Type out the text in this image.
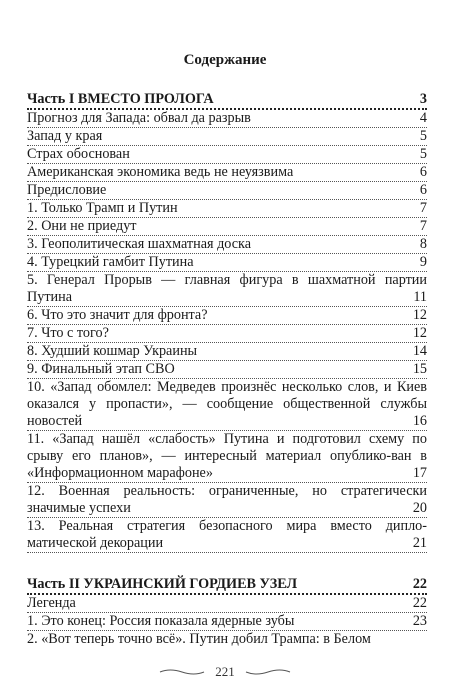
Содержание
Часть I ВМЕСТО ПРОЛОГА	3
Прогноз для Запада: обвал да разрыв	4
Запад у края	5
Страх обоснован	5
Американская экономика ведь не неуязвима	6
Предисловие	6
1. Только Трамп и Путин	7
2. Они не приедут	7
3. Геополитическая шахматная доска	8
4. Турецкий гамбит Путина	9
5. Генерал Прорыв — главная фигура в шахматной партии Путина	11
6. Что это значит для фронта?	12
7. Что с того?	12
8. Худший кошмар Украины	14
9. Финальный этап СВО	15
10. «Запад обомлел: Медведев произнёс несколько слов, и Киев оказался у пропасти», — сообщение общественной службы новостей	16
11. «Запад нашёл «слабость» Путина и подготовил схему по срыву его планов», — интересный материал опублико-ван в «Информационном марафоне»	17
12. Военная реальность: ограниченные, но стратегически значимые успехи	20
13. Реальная стратегия безопасного мира вместо дипло-матической декорации	21
Часть II УКРАИНСКИЙ ГОРДИЕВ УЗЕЛ	22
Легенда	22
1. Это конец: Россия показала ядерные зубы	23
2. «Вот теперь точно всё». Путин добил Трампа: в Белом
221
